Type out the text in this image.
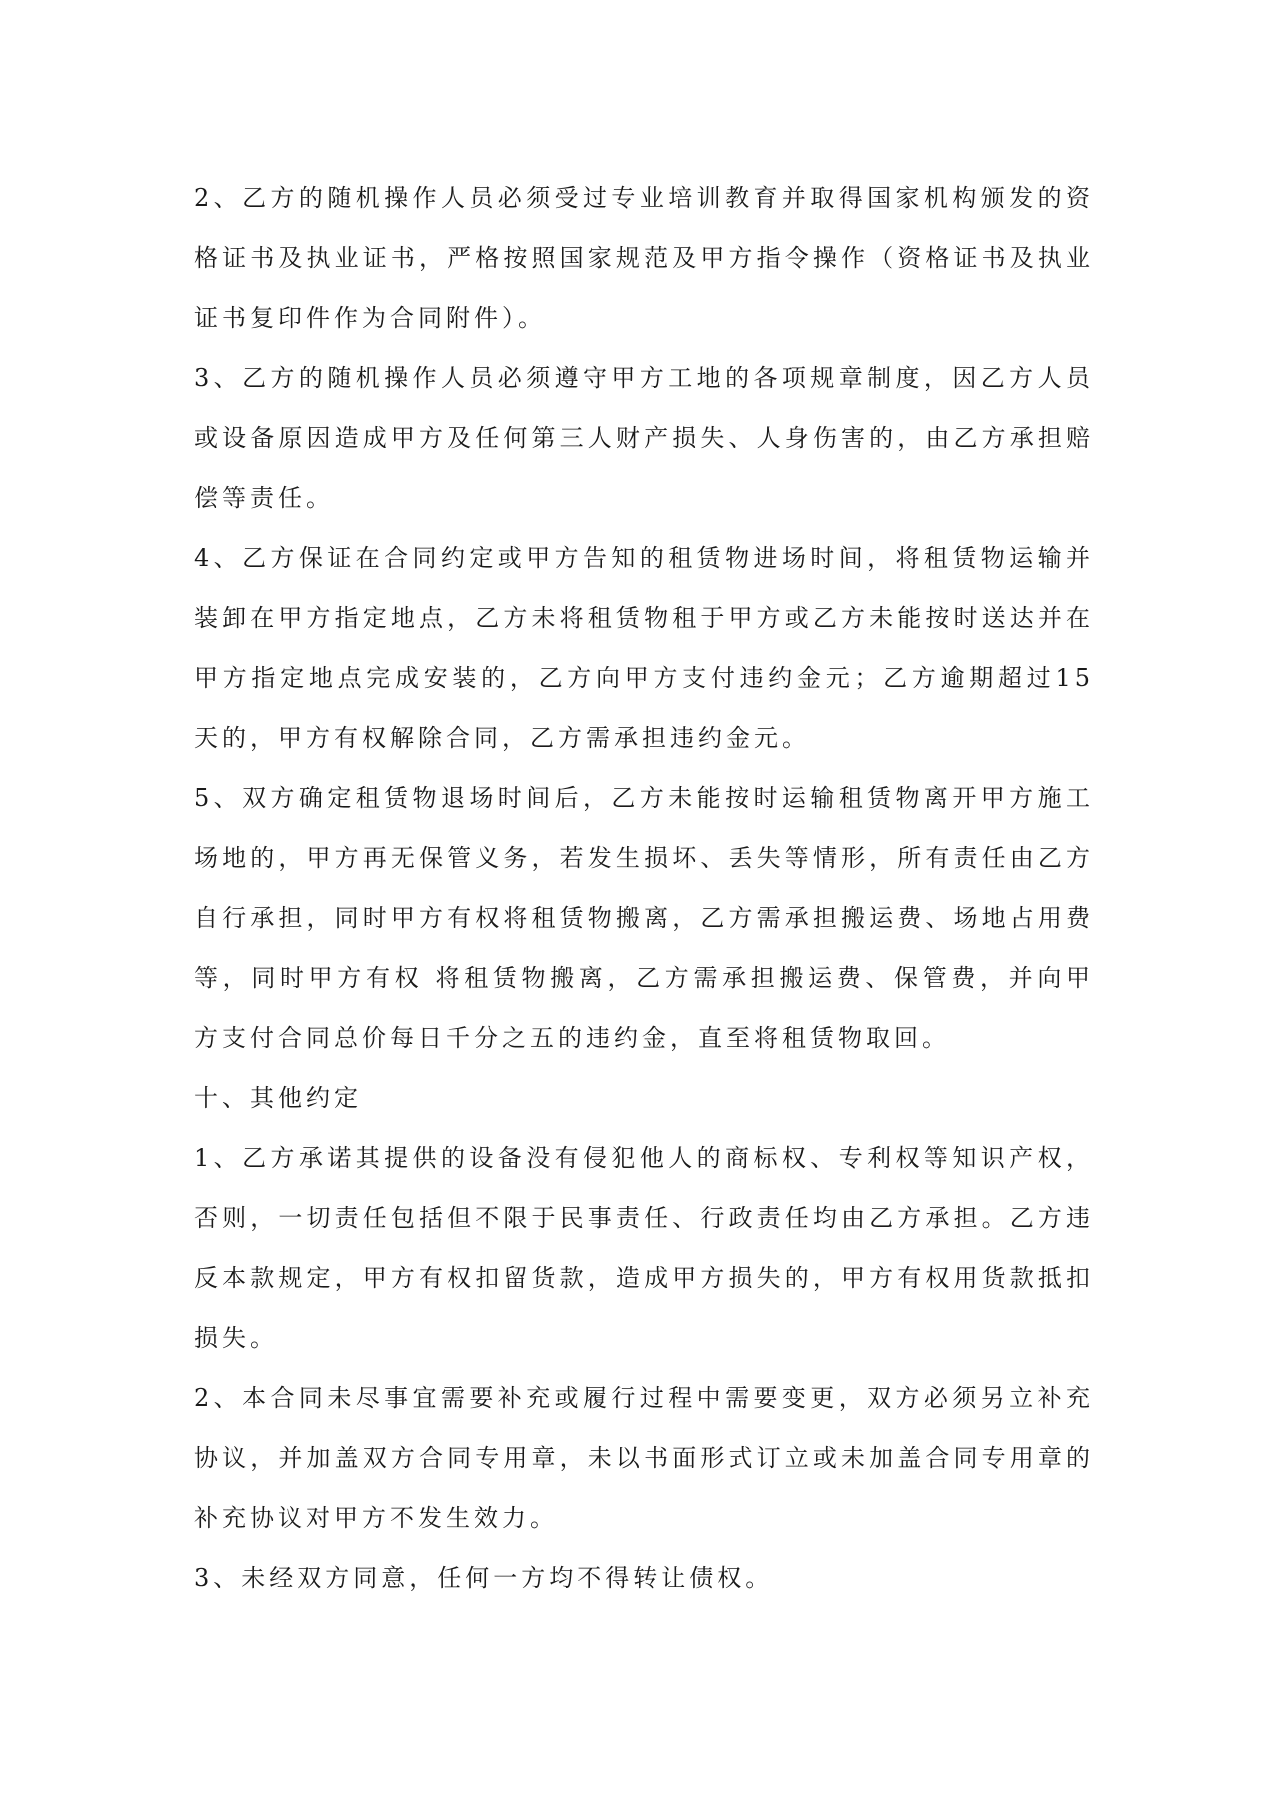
2、乙方的随机操作人员必须受过专业培训教育并取得国家机构颁发的资格证书及执业证书，严格按照国家规范及甲方指令操作（资格证书及执业证书复印件作为合同附件）。

3、乙方的随机操作人员必须遵守甲方工地的各项规章制度，因乙方人员或设备原因造成甲方及任何第三人财产损失、人身伤害的，由乙方承担赔偿等责任。

4、乙方保证在合同约定或甲方告知的租赁物进场时间，将租赁物运输并装卸在甲方指定地点，乙方未将租赁物租于甲方或乙方未能按时送达并在甲方指定地点完成安装的，乙方向甲方支付违约金元；乙方逾期超过15天的，甲方有权解除合同，乙方需承担违约金元。

5、双方确定租赁物退场时间后，乙方未能按时运输租赁物离开甲方施工场地的，甲方再无保管义务，若发生损坏、丢失等情形，所有责任由乙方自行承担，同时甲方有权将租赁物搬离，乙方需承担搬运费、场地占用费等，同时甲方有权 将租赁物搬离，乙方需承担搬运费、保管费，并向甲方支付合同总价每日千分之五的违约金，直至将租赁物取回。

十、其他约定

1、乙方承诺其提供的设备没有侵犯他人的商标权、专利权等知识产权，否则，一切责任包括但不限于民事责任、行政责任均由乙方承担。乙方违反本款规定，甲方有权扣留货款，造成甲方损失的，甲方有权用货款抵扣损失。

2、本合同未尽事宜需要补充或履行过程中需要变更，双方必须另立补充协议，并加盖双方合同专用章，未以书面形式订立或未加盖合同专用章的补充协议对甲方不发生效力。

3、未经双方同意，任何一方均不得转让债权。
